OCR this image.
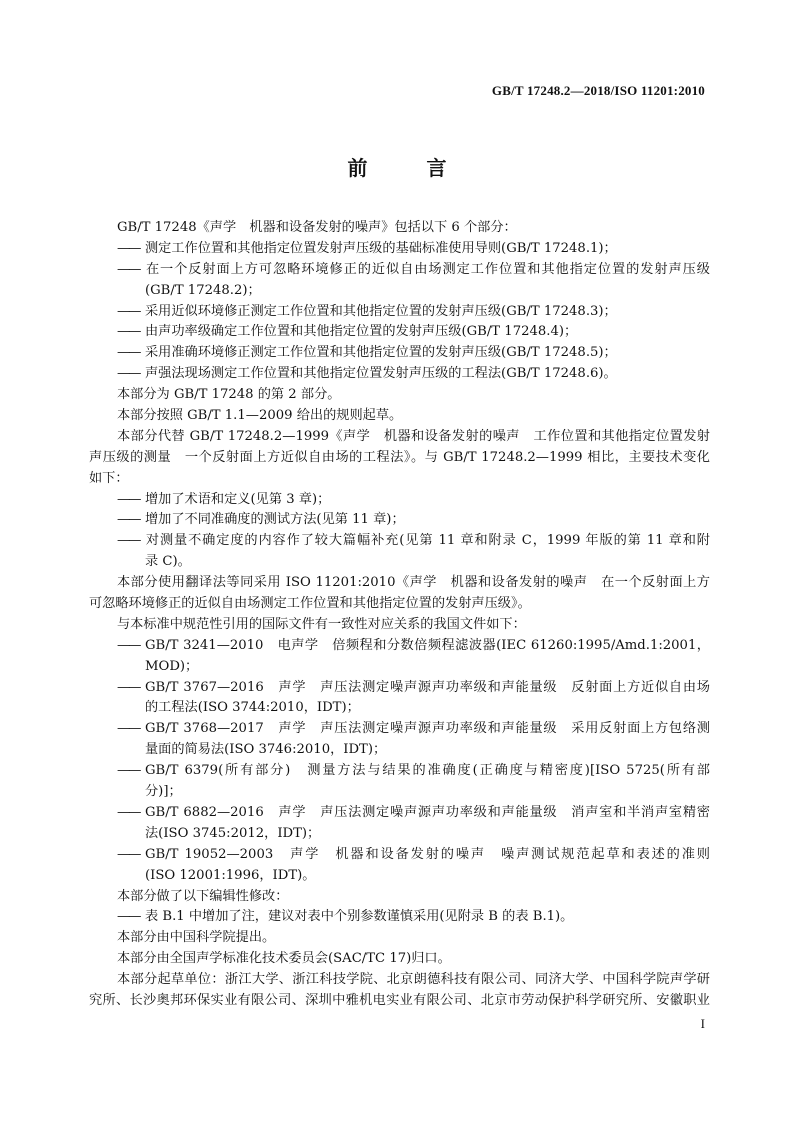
GB/T 17248.2—2018/ISO 11201:2010
前 言
GB/T 17248《声学　机器和设备发射的噪声》包括以下 6 个部分：
—— 测定工作位置和其他指定位置发射声压级的基础标准使用导则(GB/T 17248.1)；
—— 在一个反射面上方可忽略环境修正的近似自由场测定工作位置和其他指定位置的发射声压级
(GB/T 17248.2)；
—— 采用近似环境修正测定工作位置和其他指定位置的发射声压级(GB/T 17248.3)；
—— 由声功率级确定工作位置和其他指定位置的发射声压级(GB/T 17248.4)；
—— 采用准确环境修正测定工作位置和其他指定位置的发射声压级(GB/T 17248.5)；
—— 声强法现场测定工作位置和其他指定位置发射声压级的工程法(GB/T 17248.6)。
本部分为 GB/T 17248 的第 2 部分。
本部分按照 GB/T 1.1—2009 给出的规则起草。
本部分代替 GB/T 17248.2—1999《声学　机器和设备发射的噪声　工作位置和其他指定位置发射
声压级的测量　一个反射面上方近似自由场的工程法》。与 GB/T 17248.2—1999 相比，主要技术变化
如下：
—— 增加了术语和定义(见第 3 章)；
—— 增加了不同准确度的测试方法(见第 11 章)；
—— 对测量不确定度的内容作了较大篇幅补充(见第 11 章和附录 C，1999 年版的第 11 章和附
录 C)。
本部分使用翻译法等同采用 ISO 11201:2010《声学　机器和设备发射的噪声　在一个反射面上方
可忽略环境修正的近似自由场测定工作位置和其他指定位置的发射声压级》。
与本标准中规范性引用的国际文件有一致性对应关系的我国文件如下：
—— GB/T 3241—2010　电声学　倍频程和分数倍频程滤波器(IEC 61260:1995/Amd.1:2001，
MOD)；
—— GB/T 3767—2016　声学　声压法测定噪声源声功率级和声能量级　反射面上方近似自由场
的工程法(ISO 3744:2010，IDT)；
—— GB/T 3768—2017　声学　声压法测定噪声源声功率级和声能量级　采用反射面上方包络测
量面的简易法(ISO 3746:2010，IDT)；
—— GB/T 6379(所有部分)　测量方法与结果的准确度(正确度与精密度)[ISO 5725(所有部
分)]；
—— GB/T 6882—2016　声学　声压法测定噪声源声功率级和声能量级　消声室和半消声室精密
法(ISO 3745:2012，IDT)；
—— GB/T 19052—2003　声学　机器和设备发射的噪声　噪声测试规范起草和表述的准则
(ISO 12001:1996，IDT)。
本部分做了以下编辑性修改：
—— 表 B.1 中增加了注，建议对表中个别参数谨慎采用(见附录 B 的表 B.1)。
本部分由中国科学院提出。
本部分由全国声学标准化技术委员会(SAC/TC 17)归口。
本部分起草单位：浙江大学、浙江科技学院、北京朗德科技有限公司、同济大学、中国科学院声学研
究所、长沙奥邦环保实业有限公司、深圳中雅机电实业有限公司、北京市劳动保护科学研究所、安徽职业
I
